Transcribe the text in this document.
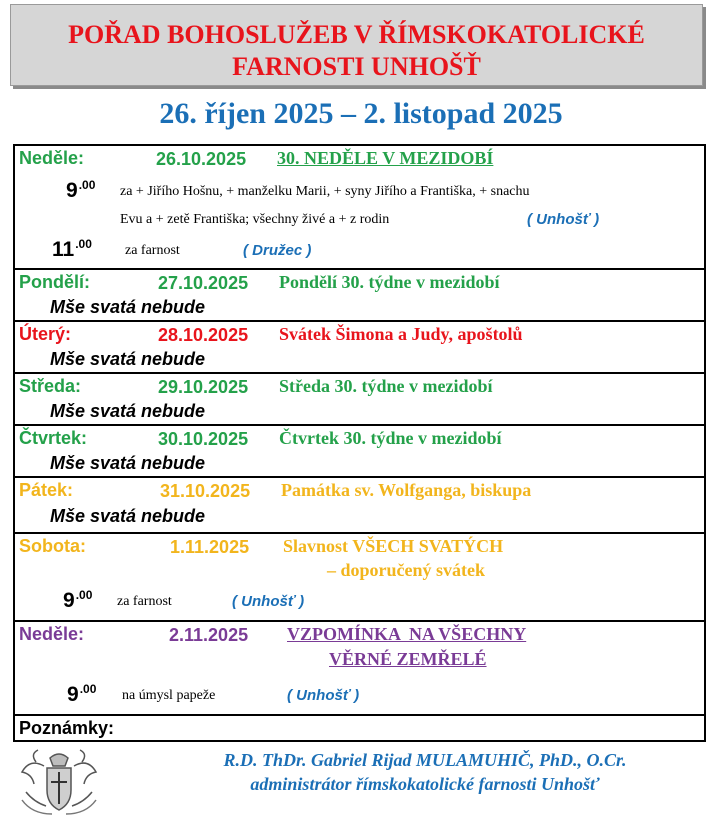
POŘAD BOHOSLUŽEB V ŘÍMSKOKATOLICKÉ
FARNOSTI UNHOŠŤ
26. říjen 2025 – 2. listopad 2025
Neděle:	26.10.2025 30. NEDĚLE V MEZIDOBÍ
$9^{.00}$ za + Jiřího Hošnu, + manželku Marii, + syny Jiřího a Františka, + snachu
Evu a + zetě Františka; všechny živé a + z rodin	( Unhošť )
$11^{.00}$ za farnost	( Družec )
Pondělí:	27.10.2025 Pondělí 30. týdne v mezidobí
Mše svatá nebude
Úterý:	28.10.2025 Svátek Šimona a Judy, apoštolů
Mše svatá nebude
Středa:	29.10.2025 Středa 30. týdne v mezidobí
Mše svatá nebude
Čtvrtek:	30.10.2025 Čtvrtek 30. týdne v mezidobí
Mše svatá nebude
Pátek:	31.10.2025 Památka sv. Wolfganga, biskupa
Mše svatá nebude
Sobota:	1.11.2025 Slavnost VŠECH SVATÝCH
– doporučený svátek
$9^{.00}$ za farnost	( Unhošť )
Neděle:	2.11.2025 VZPOMÍNKA  NA VŠECHNY
VĚRNÉ ZEMŘELÉ
$9^{.00}$ na úmysl papeže	( Unhošť )
Poznámky:
R.D. ThDr. Gabriel Rijad MULAMUHIČ, PhD., O.Cr.
administrátor římskokatolické farnosti Unhošť
